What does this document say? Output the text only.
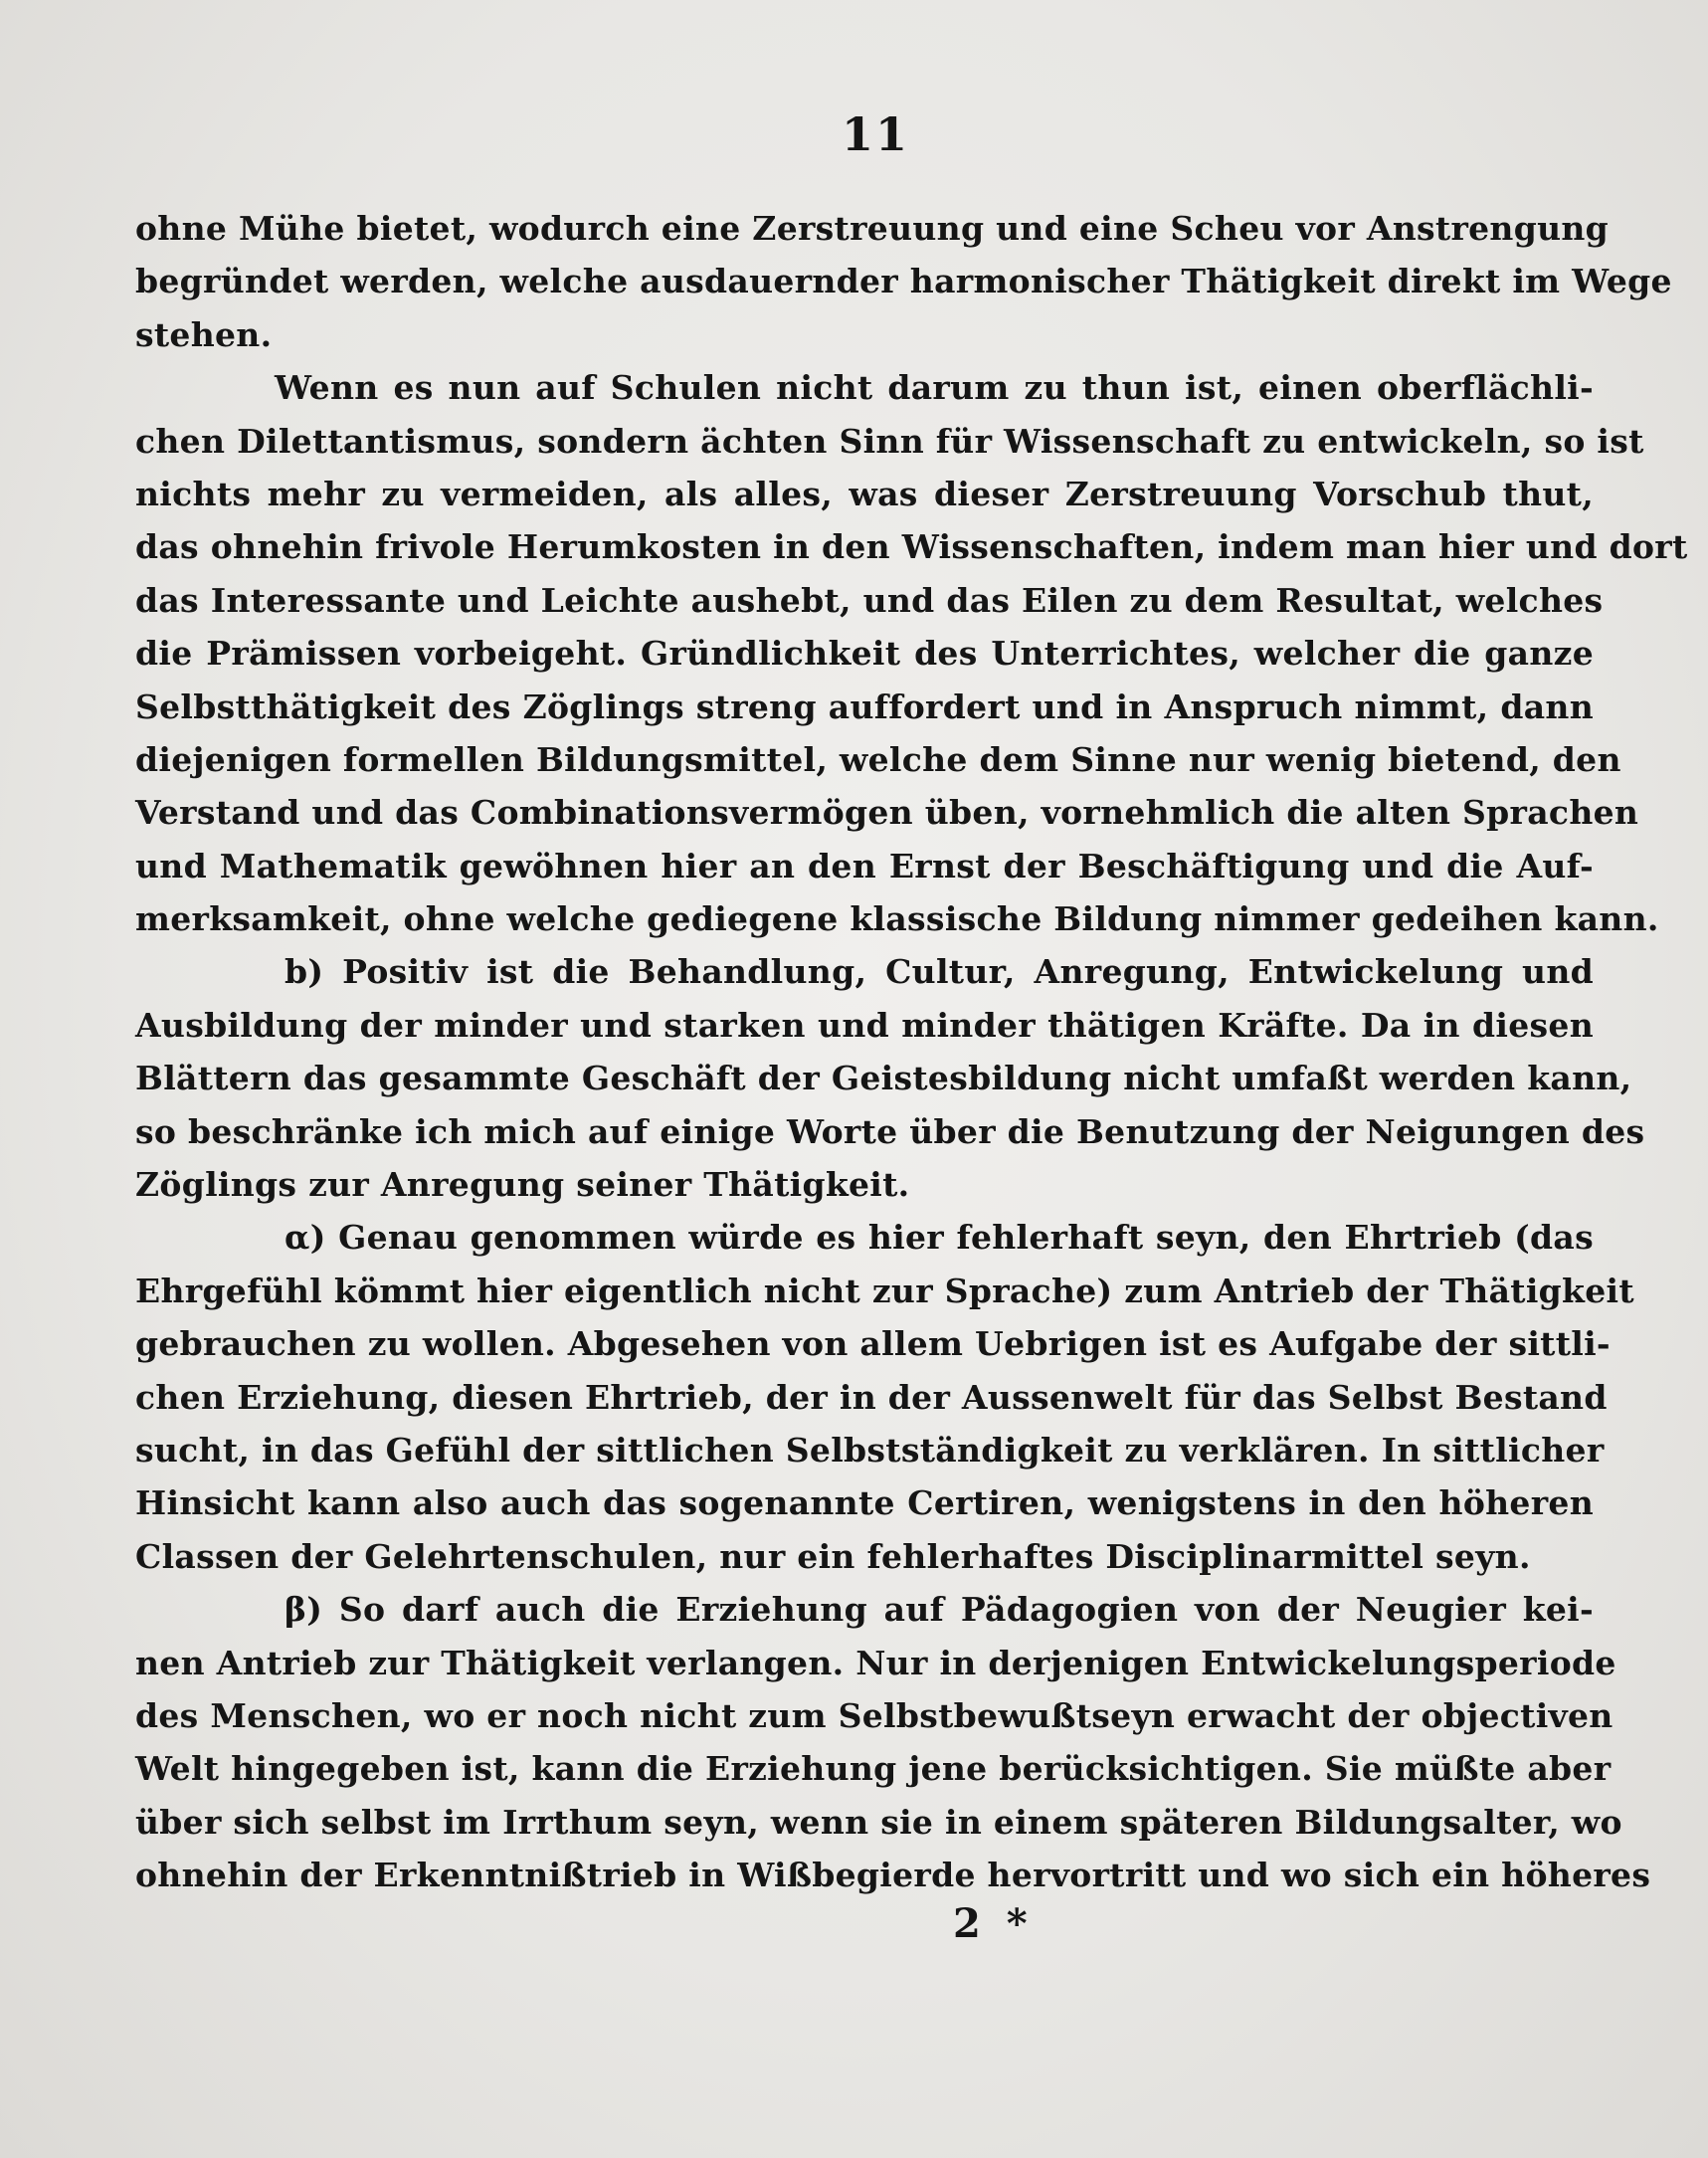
11
ohne Mühe bietet, wodurch eine Zerstreuung und eine Scheu vor Anstrengung
begründet werden, welche ausdauernder harmonischer Thätigkeit direkt im Wege
stehen.
Wenn es nun auf Schulen nicht darum zu thun ist, einen oberflächli-
chen Dilettantismus, sondern ächten Sinn für Wissenschaft zu entwickeln, so ist
nichts mehr zu vermeiden, als alles, was dieser Zerstreuung Vorschub thut,
das ohnehin frivole Herumkosten in den Wissenschaften, indem man hier und dort
das Interessante und Leichte aushebt, und das Eilen zu dem Resultat, welches
die Prämissen vorbeigeht. Gründlichkeit des Unterrichtes, welcher die ganze
Selbstthätigkeit des Zöglings streng auffordert und in Anspruch nimmt, dann
diejenigen formellen Bildungsmittel, welche dem Sinne nur wenig bietend, den
Verstand und das Combinationsvermögen üben, vornehmlich die alten Sprachen
und Mathematik gewöhnen hier an den Ernst der Beschäftigung und die Auf-
merksamkeit, ohne welche gediegene klassische Bildung nimmer gedeihen kann.
b) Positiv ist die Behandlung, Cultur, Anregung, Entwickelung und
Ausbildung der minder und starken und minder thätigen Kräfte. Da in diesen
Blättern das gesammte Geschäft der Geistesbildung nicht umfaßt werden kann,
so beschränke ich mich auf einige Worte über die Benutzung der Neigungen des
Zöglings zur Anregung seiner Thätigkeit.
α) Genau genommen würde es hier fehlerhaft seyn, den Ehrtrieb (das
Ehrgefühl kömmt hier eigentlich nicht zur Sprache) zum Antrieb der Thätigkeit
gebrauchen zu wollen. Abgesehen von allem Uebrigen ist es Aufgabe der sittli-
chen Erziehung, diesen Ehrtrieb, der in der Aussenwelt für das Selbst Bestand
sucht, in das Gefühl der sittlichen Selbstständigkeit zu verklären. In sittlicher
Hinsicht kann also auch das sogenannte Certiren, wenigstens in den höheren
Classen der Gelehrtenschulen, nur ein fehlerhaftes Disciplinarmittel seyn.
β) So darf auch die Erziehung auf Pädagogien von der Neugier kei-
nen Antrieb zur Thätigkeit verlangen. Nur in derjenigen Entwickelungsperiode
des Menschen, wo er noch nicht zum Selbstbewußtseyn erwacht der objectiven
Welt hingegeben ist, kann die Erziehung jene berücksichtigen. Sie müßte aber
über sich selbst im Irrthum seyn, wenn sie in einem späteren Bildungsalter, wo
ohnehin der Erkenntnißtrieb in Wißbegierde hervortritt und wo sich ein höheres
2 *
